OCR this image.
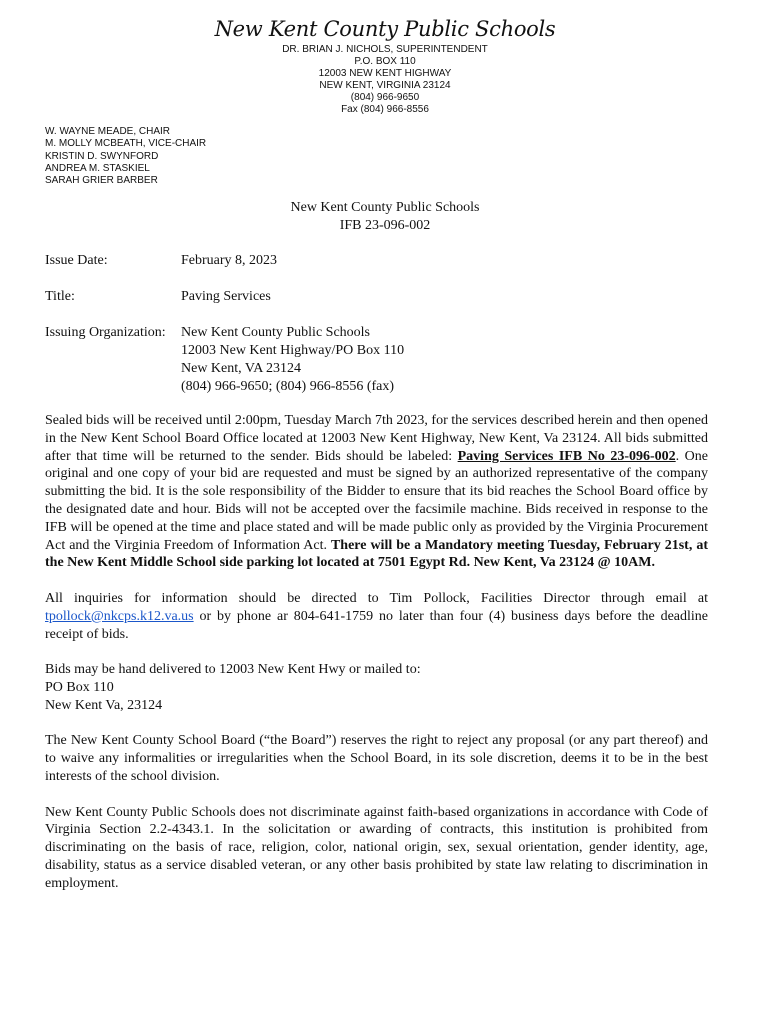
New Kent County Public Schools
DR. BRIAN J. NICHOLS, SUPERINTENDENT
P.O. BOX 110
12003 NEW KENT HIGHWAY
NEW KENT, VIRGINIA 23124
(804) 966-9650
Fax (804) 966-8556
W. WAYNE MEADE, CHAIR
M. MOLLY MCBEATH, VICE-CHAIR
KRISTIN D. SWYNFORD
ANDREA M. STASKIEL
SARAH GRIER BARBER
New Kent County Public Schools
IFB 23-096-002
Issue Date:	February 8, 2023
Title:	Paving Services
Issuing Organization: New Kent County Public Schools
12003 New Kent Highway/PO Box 110
New Kent, VA 23124
(804) 966-9650; (804) 966-8556 (fax)

Sealed bids will be received until 2:00pm, Tuesday March 7th 2023, for the services described herein and then opened in the New Kent School Board Office located at 12003 New Kent Highway, New Kent, Va 23124. All bids submitted after that time will be returned to the sender. Bids should be labeled: Paving Services IFB No 23-096-002. One original and one copy of your bid are requested and must be signed by an authorized representative of the company submitting the bid. It is the sole responsibility of the Bidder to ensure that its bid reaches the School Board office by the designated date and hour. Bids will not be accepted over the facsimile machine. Bids received in response to the IFB will be opened at the time and place stated and will be made public only as provided by the Virginia Procurement Act and the Virginia Freedom of Information Act. There will be a Mandatory meeting Tuesday, February 21st, at the New Kent Middle School side parking lot located at 7501 Egypt Rd. New Kent, Va 23124 @ 10AM.

All inquiries for information should be directed to Tim Pollock, Facilities Director through email at tpollock@nkcps.k12.va.us or by phone ar 804-641-1759 no later than four (4) business days before the deadline receipt of bids.

Bids may be hand delivered to 12003 New Kent Hwy or mailed to:
PO Box 110
New Kent Va, 23124

The New Kent County School Board (“the Board”) reserves the right to reject any proposal (or any part thereof) and to waive any informalities or irregularities when the School Board, in its sole discretion, deems it to be in the best interests of the school division.

New Kent County Public Schools does not discriminate against faith-based organizations in accordance with Code of Virginia Section 2.2-4343.1. In the solicitation or awarding of contracts, this institution is prohibited from discriminating on the basis of race, religion, color, national origin, sex, sexual orientation, gender identity, age, disability, status as a service disabled veteran, or any other basis prohibited by state law relating to discrimination in employment.
